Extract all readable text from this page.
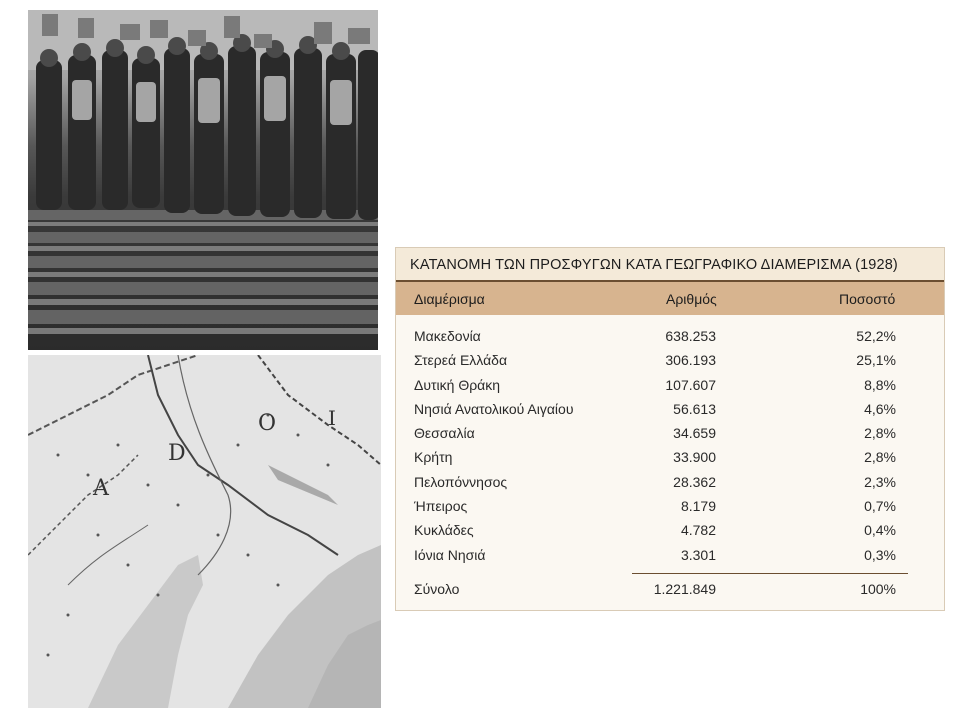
D
O	I
A
ΚΑΤΑΝΟΜΗ ΤΩΝ ΠΡΟΣΦΥΓΩΝ ΚΑΤΑ ΓΕΩΓΡΑΦΙΚΟ ΔΙΑΜΕΡΙΣΜΑ (1928)
Διαμέρισμα	Αριθμός	Ποσοστό
Μακεδονία	638.253	52,2%
Στερεά Ελλάδα	306.193	25,1%
Δυτική Θράκη	107.607	8,8%
Νησιά Ανατολικού Αιγαίου	56.613	4,6%
Θεσσαλία	34.659	2,8%
Κρήτη	33.900	2,8%
Πελοπόννησος	28.362	2,3%
Ήπειρος	8.179	0,7%
Κυκλάδες	4.782	0,4%
Ιόνια Νησιά	3.301	0,3%
Σύνολο	1.221.849	100%
